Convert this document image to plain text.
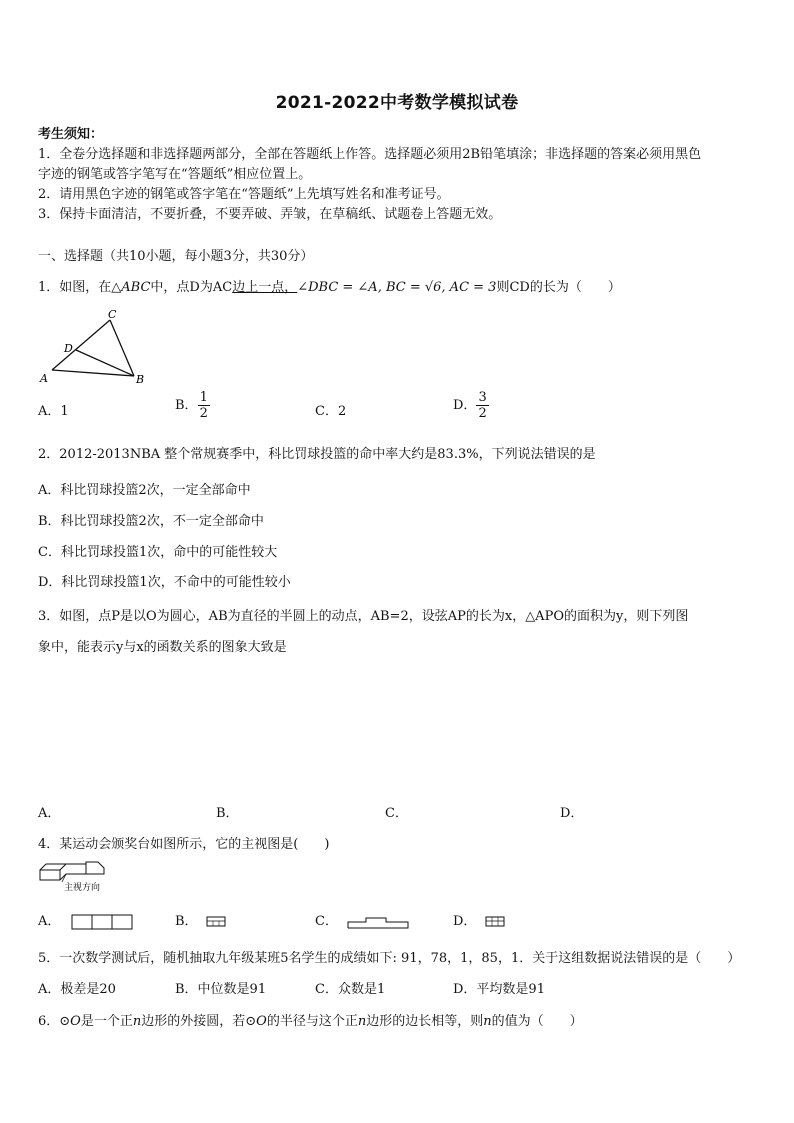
2021-2022中考数学模拟试卷
考生须知：
1．全卷分选择题和非选择题两部分，全部在答题纸上作答。选择题必须用2B铅笔填涂；非选择题的答案必须用黑色
字迹的钢笔或答字笔写在“答题纸”相应位置上。
2．请用黑色字迹的钢笔或答字笔在“答题纸”上先填写姓名和准考证号。
3．保持卡面清洁，不要折叠，不要弄破、弄皱，在草稿纸、试题卷上答题无效。
一、选择题（共10小题，每小题3分，共30分）
1．如图，在△ABC中，点D为AC边上一点，∠DBC = ∠A, BC = √6, AC = 3则CD的长为（　　）
C
D
A	B
A．1	B． $\frac{1}{2}$	C．2	D． $\frac{3}{2}$
2．2012-2013NBA 整个常规赛季中，科比罚球投篮的命中率大约是83.3%，下列说法错误的是
A．科比罚球投篮2次，一定全部命中
B．科比罚球投篮2次，不一定全部命中
C．科比罚球投篮1次，命中的可能性较大
D．科比罚球投篮1次，不命中的可能性较小
3．如图，点P是以O为圆心，AB为直径的半圆上的动点，AB=2，设弦AP的长为x，△APO的面积为y，则下列图
象中，能表示y与x的函数关系的图象大致是
A．	B．	C．	D．
4．某运动会颁奖台如图所示，它的主视图是(　　)
主视方向
A．	B．	C．	D．
5．一次数学测试后，随机抽取九年级某班5名学生的成绩如下: 91，78，1，85，1．关于这组数据说法错误的是（　　）
A．极差是20	B．中位数是91	C．众数是1	D．平均数是91
6．⊙O是一个正n边形的外接圆，若⊙O的半径与这个正n边形的边长相等，则n的值为（　　）
